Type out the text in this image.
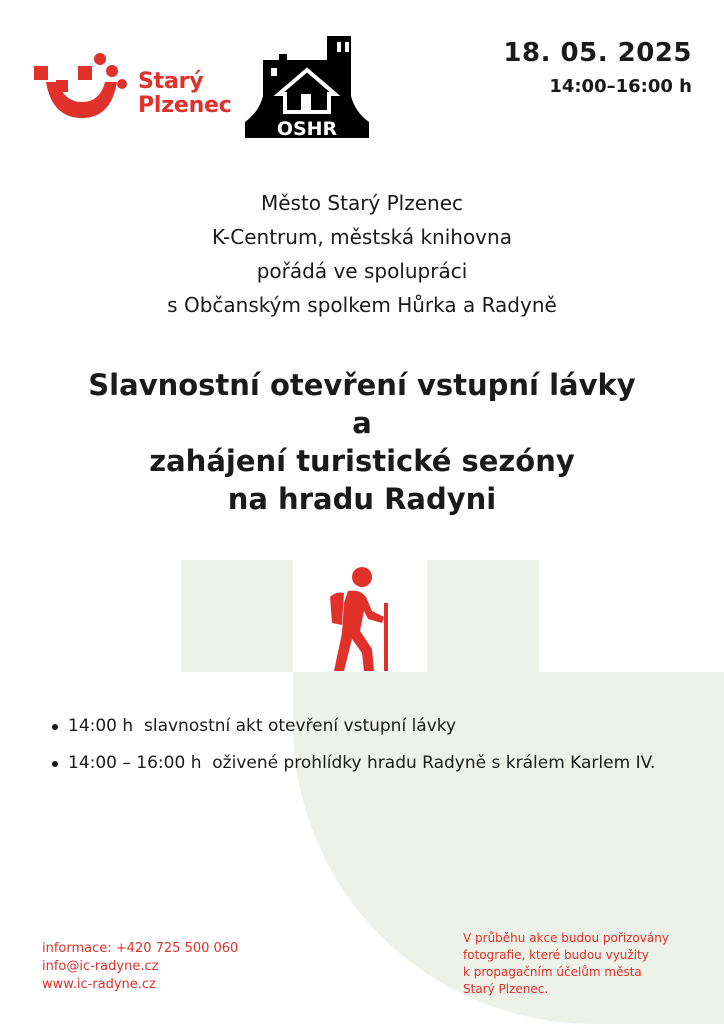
Starý
Plzenec
OSHR
18. 05. 2025
14:00–16:00 h
Město Starý Plzenec
K-Centrum, městská knihovna
pořádá ve spolupráci
s Občanským spolkem Hůrka a Radyně
Slavnostní otevření vstupní lávky
a
zahájení turistické sezóny
na hradu Radyni
14:00 h slavnostní akt otevření vstupní lávky
14:00 – 16:00 h oživené prohlídky hradu Radyně s králem Karlem IV.
informace: +420 725 500 060
info@ic-radyne.cz
www.ic-radyne.cz
V průběhu akce budou pořizovány
fotografie, které budou využity
k propagačním účelům města
Starý Plzenec.
